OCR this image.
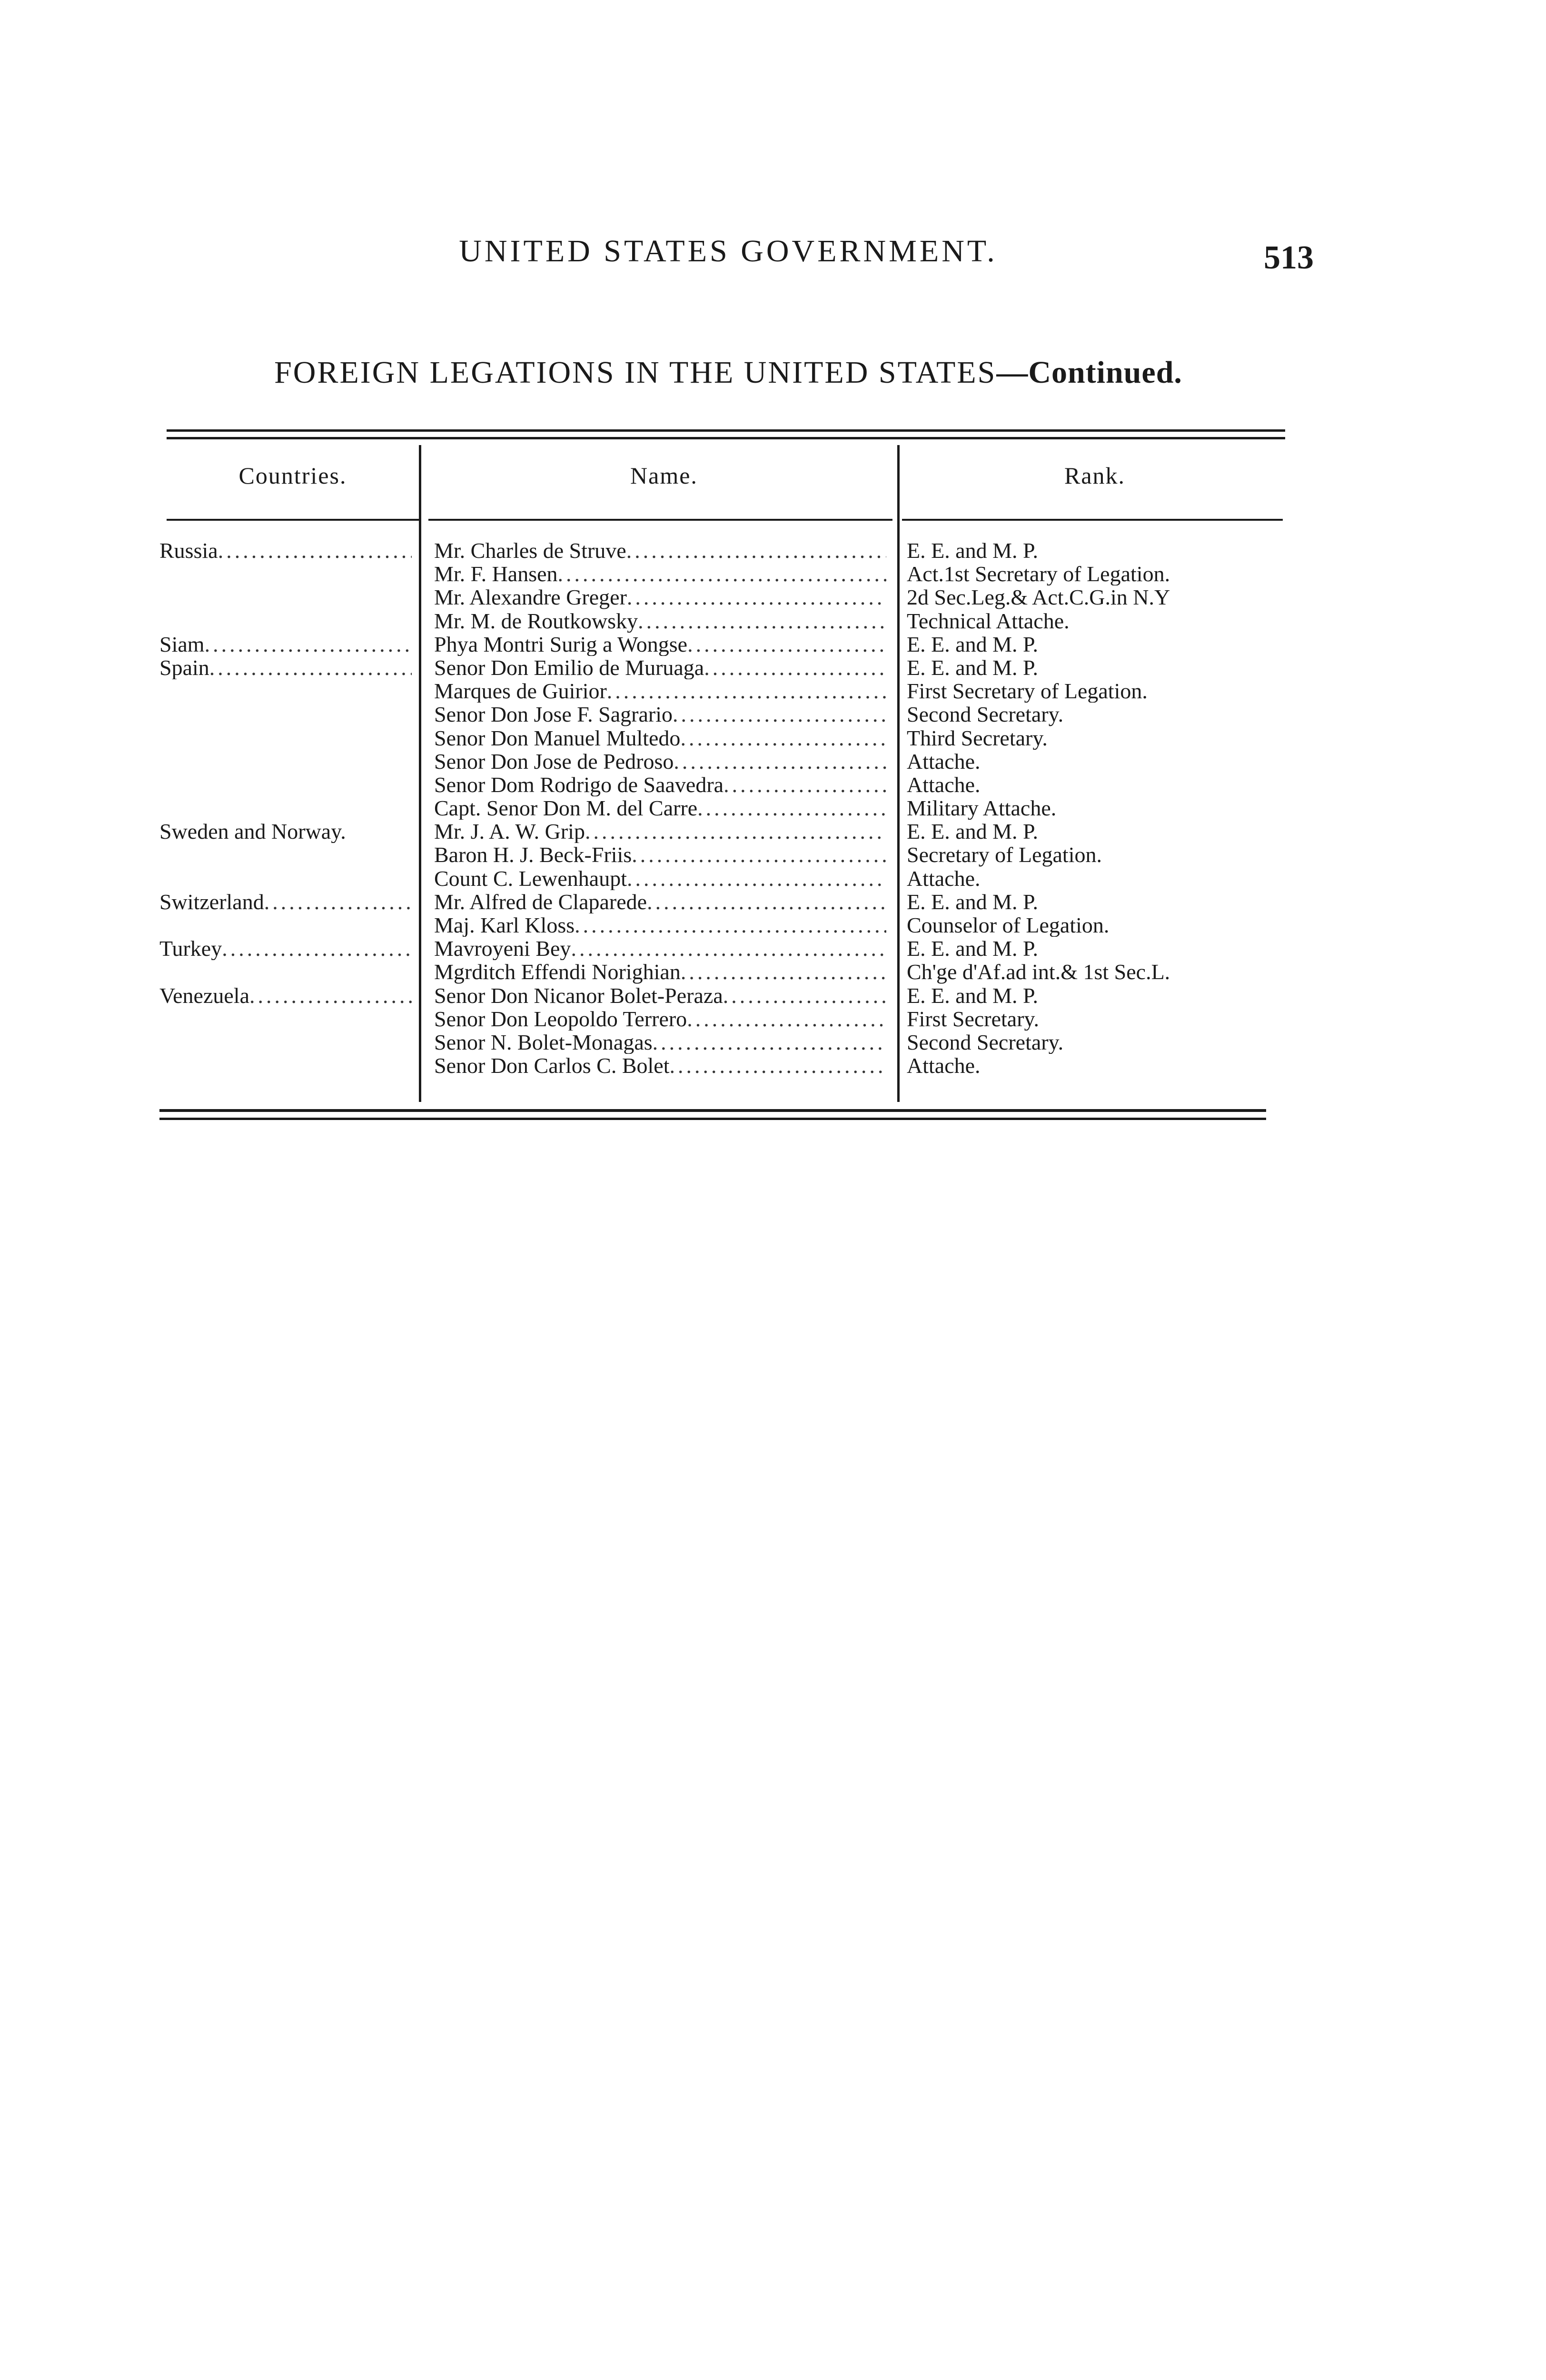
UNITED STATES GOVERNMENT.	513
FOREIGN LEGATIONS IN THE UNITED STATES—Continued.
Countries.	Name.	Rank.
Russia .....	Mr. Charles de Struve .....	E. E. and M. P.
Mr. F. Hansen .....	Act.1st Secretary of Legation.
Mr. Alexandre Greger .....	2d Sec.Leg.& Act.C.G.in N.Y
Mr. M. de Routkowsky .....	Technical Attache.
Siam .....	Phya Montri Surig a Wongse .....	E. E. and M. P.
Spain .....	Senor Don Emilio de Muruaga .....	E. E. and M. P.
Marques de Guirior .....	First Secretary of Legation.
Senor Don Jose F. Sagrario .....	Second Secretary.
Senor Don Manuel Multedo .....	Third Secretary.
Senor Don Jose de Pedroso .....	Attache.
Senor Dom Rodrigo de Saavedra .....	Attache.
Capt. Senor Don M. del Carre .....	Military Attache.
Sweden and Norway.	Mr. J. A. W. Grip .....	E. E. and M. P.
Baron H. J. Beck-Friis .....	Secretary of Legation.
Count C. Lewenhaupt .....	Attache.
Switzerland .....	Mr. Alfred de Claparede .....	E. E. and M. P.
Maj. Karl Kloss .....	Counselor of Legation.
Turkey .....	Mavroyeni Bey .....	E. E. and M. P.
Mgrditch Effendi Norighian .....	Ch'ge d'Af.ad int.& 1st Sec.L.
Venezuela .....	Senor Don Nicanor Bolet-Peraza .....	E. E. and M. P.
Senor Don Leopoldo Terrero .....	First Secretary.
Senor N. Bolet-Monagas .....	Second Secretary.
Senor Don Carlos C. Bolet .....	Attache.
